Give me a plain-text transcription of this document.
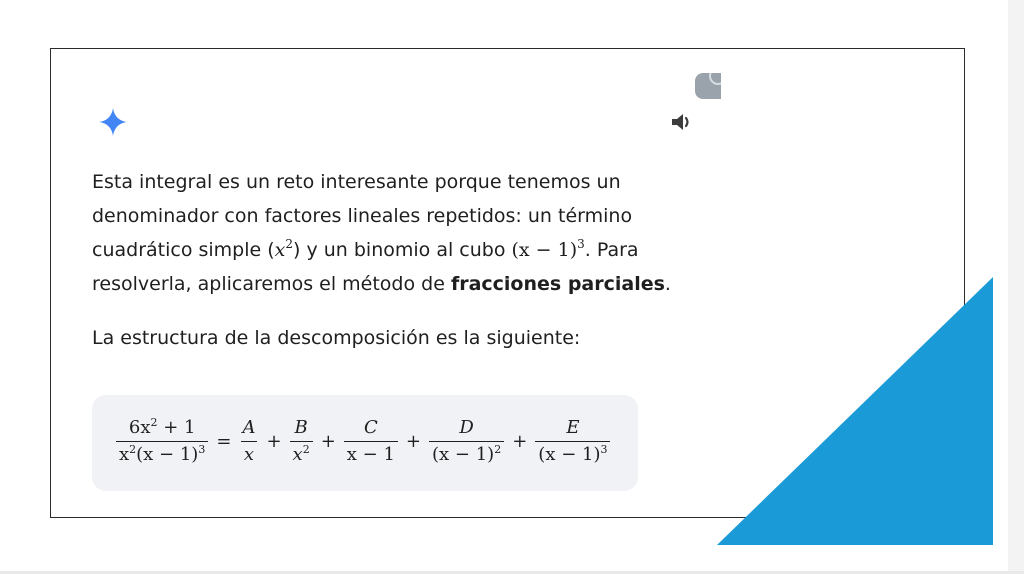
Esta integral es un reto interesante porque tenemos un
denominador con factores lineales repetidos: un término
cuadrático simple $(x^2)$ y un binomio al cubo $(x - 1)^3$. Para
resolverla, aplicaremos el método de fracciones parciales.
La estructura de la descomposición es la siguiente:
$\frac{6x^2 + 1}{x^2(x - 1)^3} = \frac{A}{x} + \frac{B}{x^2} + \frac{C}{x - 1} + \frac{D}{(x - 1)^2} + \frac{E}{(x - 1)^3}$
